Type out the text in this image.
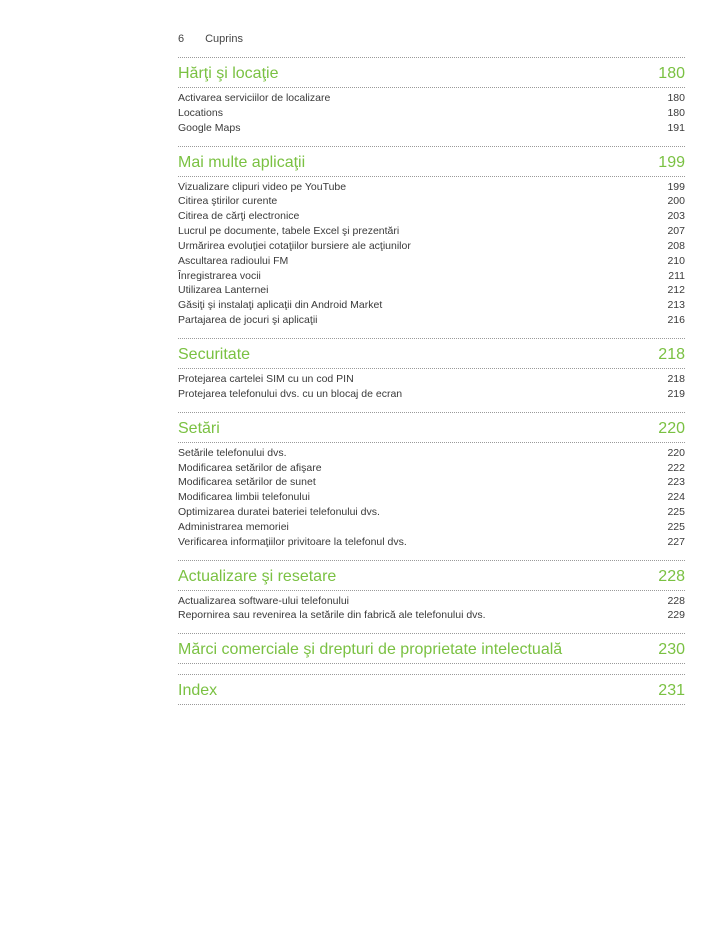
6 Cuprins
Hărţi şi locaţie	180
Activarea serviciilor de localizare	180
Locations	180
Google Maps	191
Mai multe aplicaţii	199
Vizualizare clipuri video pe YouTube	199
Citirea ştirilor curente	200
Citirea de cărţi electronice	203
Lucrul pe documente, tabele Excel şi prezentări	207
Urmărirea evoluţiei cotaţiilor bursiere ale acţiunilor	208
Ascultarea radioului FM	210
Înregistrarea vocii	211
Utilizarea Lanternei	212
Găsiţi şi instalaţi aplicaţii din Android Market	213
Partajarea de jocuri şi aplicaţii	216
Securitate	218
Protejarea cartelei SIM cu un cod PIN	218
Protejarea telefonului dvs. cu un blocaj de ecran	219
Setări	220
Setările telefonului dvs.	220
Modificarea setărilor de afişare	222
Modificarea setărilor de sunet	223
Modificarea limbii telefonului	224
Optimizarea duratei bateriei telefonului dvs.	225
Administrarea memoriei	225
Verificarea informaţiilor privitoare la telefonul dvs.	227
Actualizare şi resetare	228
Actualizarea software-ului telefonului	228
Repornirea sau revenirea la setările din fabrică ale telefonului dvs.	229
Mărci comerciale şi drepturi de proprietate intelectuală	230
Index	231
